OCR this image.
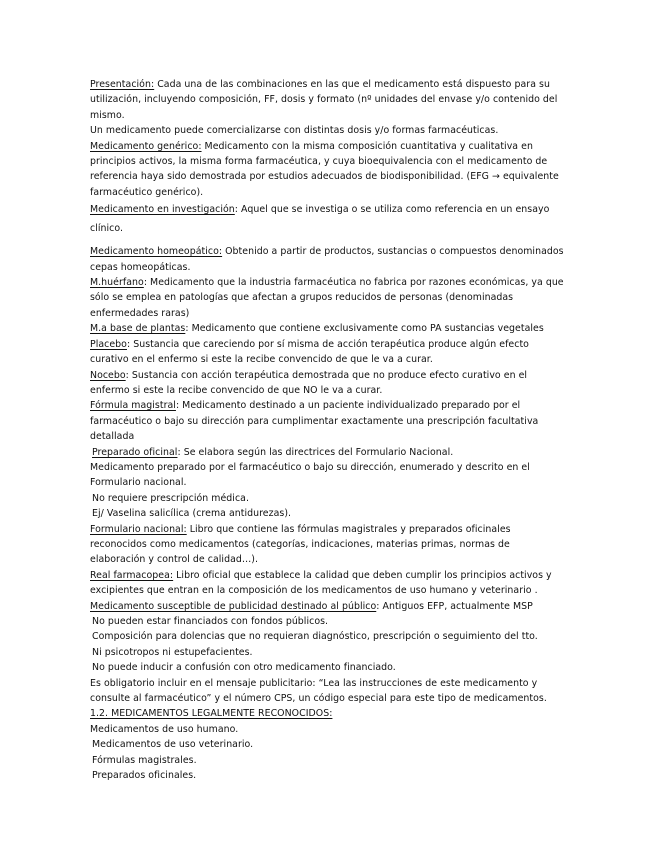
Presentación: Cada una de las combinaciones en las que el medicamento está dispuesto para su utilización, incluyendo composición, FF, dosis y formato (nº unidades del envase y/o contenido del mismo.

Un medicamento puede comercializarse con distintas dosis y/o formas farmacéuticas.

Medicamento genérico: Medicamento con la misma composición cuantitativa y cualitativa en principios activos, la misma forma farmacéutica, y cuya bioequivalencia con el medicamento de referencia haya sido demostrada por estudios adecuados de biodisponibilidad. (EFG → equivalente farmacéutico genérico).

Medicamento en investigación: Aquel que se investiga o se utiliza como referencia en un ensayo clínico.

Medicamento homeopático: Obtenido a partir de productos, sustancias o compuestos denominados cepas homeopáticas.

M.huérfano: Medicamento que la industria farmacéutica no fabrica por razones económicas, ya que sólo se emplea en patologías que afectan a grupos reducidos de personas (denominadas enfermedades raras)

M.a base de plantas: Medicamento que contiene exclusivamente como PA sustancias vegetales

Placebo: Sustancia que careciendo por sí misma de acción terapéutica produce algún efecto curativo en el enfermo si este la recibe convencido de que le va a curar.

Nocebo: Sustancia con acción terapéutica demostrada que no produce efecto curativo en el enfermo si este la recibe convencido de que NO le va a curar.

Fórmula magistral: Medicamento destinado a un paciente individualizado preparado por el farmacéutico o bajo su dirección para cumplimentar exactamente una prescripción facultativa detallada

Preparado oficinal: Se elabora según las directrices del Formulario Nacional.

Medicamento preparado por el farmacéutico o bajo su dirección, enumerado y descrito en el Formulario nacional.

No requiere prescripción médica.

Ej/ Vaselina salicílica (crema antidurezas).

Formulario nacional: Libro que contiene las fórmulas magistrales y preparados oficinales reconocidos como medicamentos (categorías, indicaciones, materias primas, normas de elaboración y control de calidad…).

Real farmacopea: Libro oficial que establece la calidad que deben cumplir los principios activos y excipientes que entran en la composición de los medicamentos de uso humano y veterinario .

Medicamento susceptible de publicidad destinado al público: Antiguos EFP, actualmente MSP

No pueden estar financiados con fondos públicos.

Composición para dolencias que no requieran diagnóstico, prescripción o seguimiento del tto.

Ni psicotropos ni estupefacientes.

No puede inducir a confusión con otro medicamento financiado.

Es obligatorio incluir en el mensaje publicitario: “Lea las instrucciones de este medicamento y consulte al farmacéutico” y el número CPS, un código especial para este tipo de medicamentos.

1.2. MEDICAMENTOS LEGALMENTE RECONOCIDOS:

Medicamentos de uso humano.

Medicamentos de uso veterinario.

Fórmulas magistrales.

Preparados oficinales.
